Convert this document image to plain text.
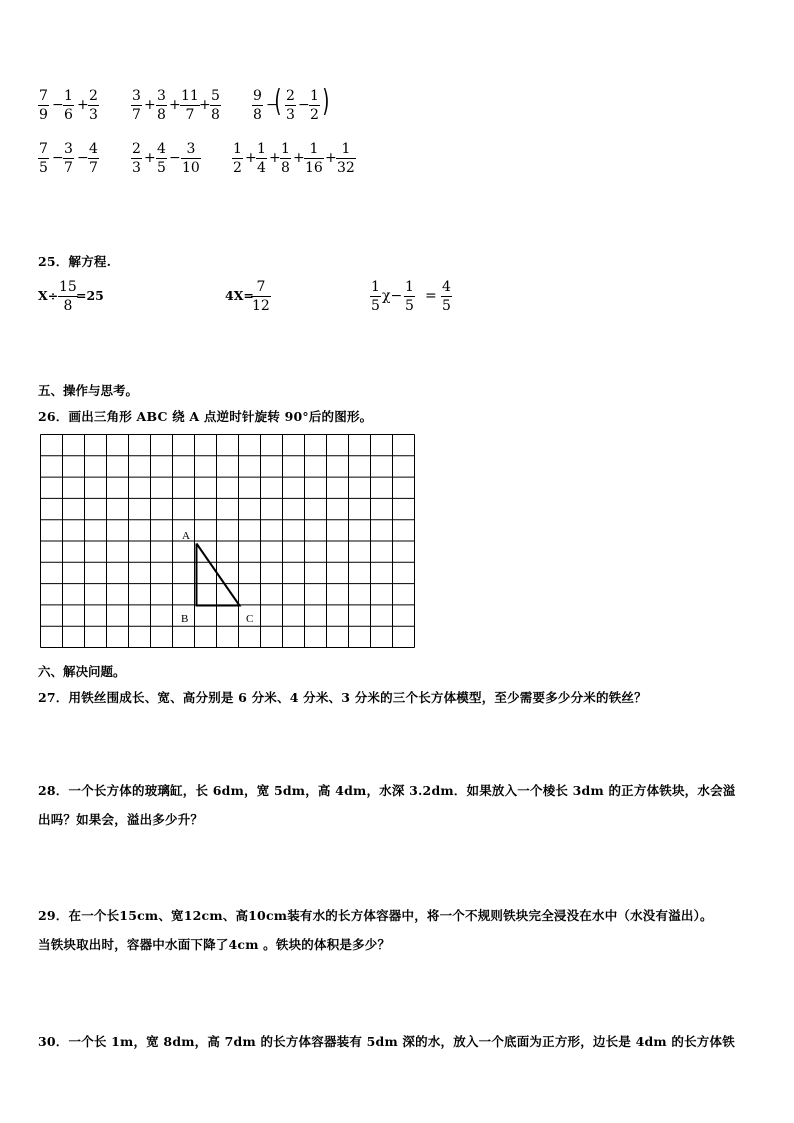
7
9
−
1
6
+
2
3
3
7
+
3
8
+
11
7
+
5
8
9
8
−
( 2
3
−
1
2 )
7
5
−
3
7
−
4
7
2
3
+
4
5
−
3
10
1
2
+
1
4
+
1
8
+
1
16
+
1
32
25．解方程.
X÷
15
8
=25	4X=
7
12
1
5
χ−
1
5
=
4
5
五、操作与思考。
26．画出三角形 ABC 绕 A 点逆时针旋转 90°后的图形。
A
B	C
六、解决问题。
27．用铁丝围成长、宽、高分别是 6 分米、4 分米、3 分米的三个长方体模型，至少需要多少分米的铁丝？
28．一个长方体的玻璃缸，长 6dm，宽 5dm，高 4dm，水深 3.2dm．如果放入一个棱长 3dm 的正方体铁块，水会溢
出吗？如果会，溢出多少升？
29．在一个长15cm、宽12cm、高10cm装有水的长方体容器中，将一个不规则铁块完全浸没在水中（水没有溢出）。
当铁块取出时，容器中水面下降了4cm 。铁块的体积是多少？
30．一个长 1m，宽 8dm，高 7dm 的长方体容器装有 5dm 深的水，放入一个底面为正方形，边长是 4dm 的长方体铁
